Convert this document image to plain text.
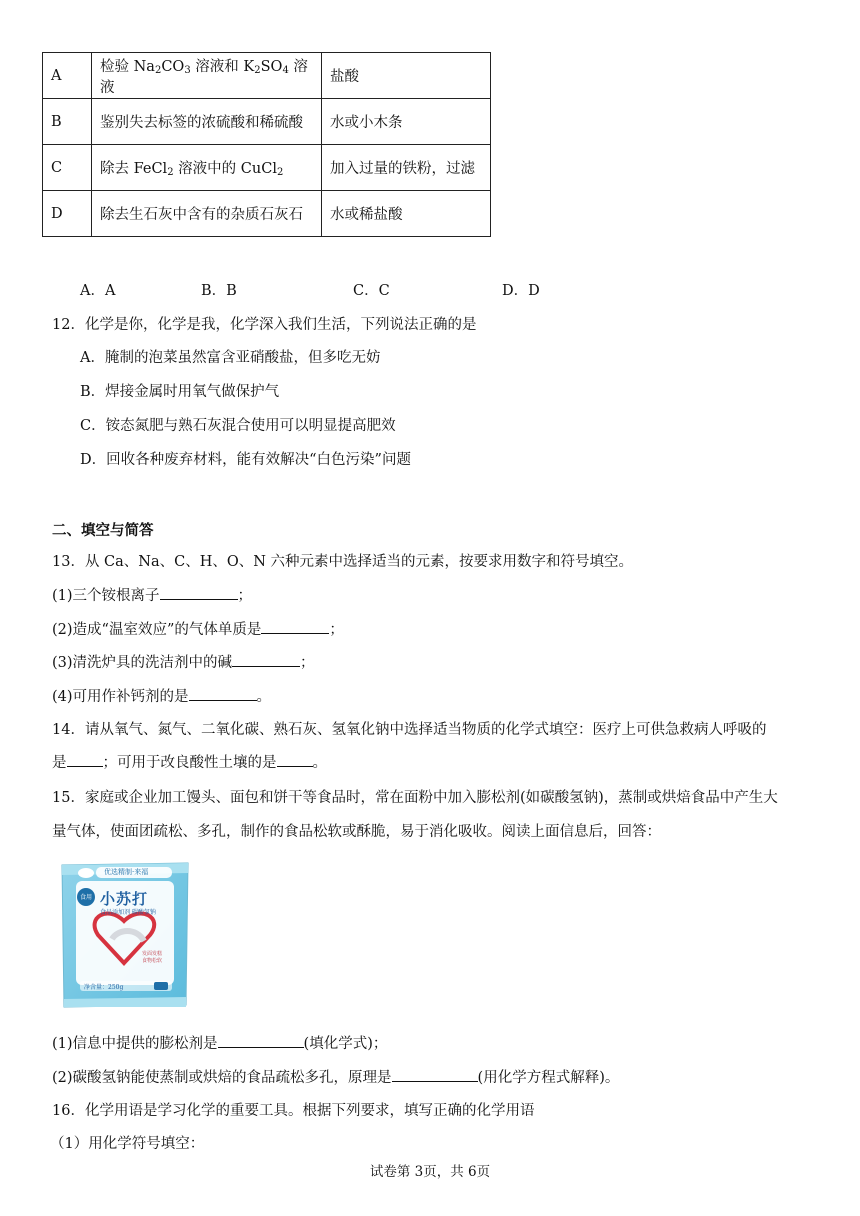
A	检验 $Na_2CO_3$ 溶液和 $K_2SO_4$ 溶液	盐酸
B	鉴别失去标签的浓硫酸和稀硫酸	水或小木条
C	除去 FeCl$_2$ 溶液中的 CuCl$_2$	加入过量的铁粉，过滤
D	除去生石灰中含有的杂质石灰石	水或稀盐酸
A．A	B．B	C．C	D．D
12．化学是你，化学是我，化学深入我们生活，下列说法正确的是
A．腌制的泡菜虽然富含亚硝酸盐，但多吃无妨
B．焊接金属时用氧气做保护气
C．铵态氮肥与熟石灰混合使用可以明显提高肥效
D．回收各种废弃材料，能有效解决“白色污染”问题
二、填空与简答
13．从 Ca、Na、C、H、O、N 六种元素中选择适当的元素，按要求用数字和符号填空。
(1)三个铵根离子	；
(2)造成“温室效应”的气体单质是	；
(3)清洗炉具的洗洁剂中的碱	；
(4)可用作补钙剂的是	。
14．请从氧气、氮气、二氧化碳、熟石灰、氢氧化钠中选择适当物质的化学式填空：医疗上可供急救病人呼吸的
是 ；可用于改良酸性土壤的是 。
15．家庭或企业加工馒头、面包和饼干等食品时，常在面粉中加入膨松剂(如碳酸氢钠)，蒸制或烘焙食品中产生大
量气体，使面团疏松、多孔，制作的食品松软或酥脆，易于消化吸收。阅读上面信息后，回答：
优选精制·来福
食用 小苏打
食品添加剂 碳酸氢钠
发面发糕 食物松软
净含量：250g
(1)信息中提供的膨松剂是	(填化学式)；
(2)碳酸氢钠能使蒸制或烘焙的食品疏松多孔，原理是	(用化学方程式解释)。
16．化学用语是学习化学的重要工具。根据下列要求，填写正确的化学用语
（1）用化学符号填空：
试卷第 3页，共 6页
